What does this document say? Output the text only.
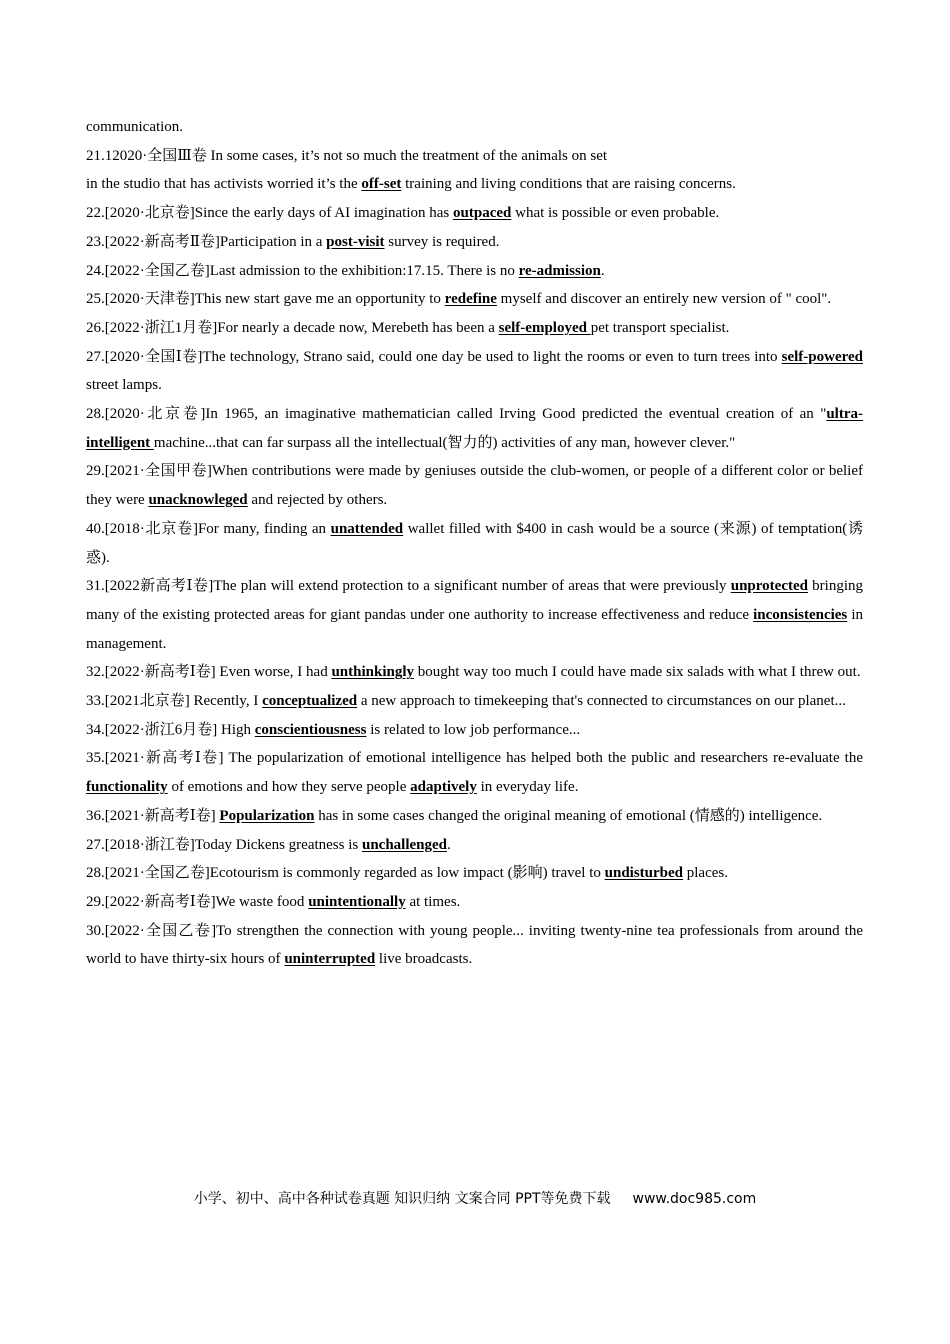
communication.
21.12020·全国Ⅲ卷 In some cases, it’s not so much the treatment of the animals on set
in the studio that has activists worried it’s the off-set training and living conditions that are raising concerns.
22.[2020·北京卷]Since the early days of AI imagination has outpaced what is possible or even probable.
23.[2022·新高考Ⅱ卷]Participation in a post-visit survey is required.
24.[2022·全国乙卷]Last admission to the exhibition:17.15. There is no re-admission.
25.[2020·天津卷]This new start gave me an opportunity to redefine myself and discover an entirely new version of " cool".
26.[2022·浙江1月卷]For nearly a decade now, Merebeth has been a self-employed pet transport specialist.
27.[2020·全国Ⅰ卷]The technology, Strano said, could one day be used to light the rooms or even to turn trees into self-powered street lamps.
28.[2020·北京卷]In 1965, an imaginative mathematician called Irving Good predicted the eventual creation of an "ultra-intelligent machine...that can far surpass all the intellectual(智力的) activities of any man, however clever."
29.[2021·全国甲卷]When contributions were made by geniuses outside the club-women, or people of a different color or belief they were unacknowleged and rejected by others.
40.[2018·北京卷]For many, finding an unattended wallet filled with $400 in cash would be a source (来源) of temptation(诱惑).
31.[2022新高考Ⅰ卷]The plan will extend protection to a significant number of areas that were previously unprotected bringing many of the existing protected areas for giant pandas under one authority to increase effectiveness and reduce inconsistencies in management.
32.[2022·新高考Ⅰ卷] Even worse, I had unthinkingly bought way too much I could have made six salads with what I threw out.
33.[2021北京卷] Recently, I conceptualized a new approach to timekeeping that's connected to circumstances on our planet...
34.[2022·浙江6月卷] High conscientiousness is related to low job performance...
35.[2021·新高考Ⅰ卷] The popularization of emotional intelligence has helped both the public and researchers re-evaluate the functionality of emotions and how they serve people adaptively in everyday life.
36.[2021·新高考Ⅰ卷] Popularization has in some cases changed the original meaning of emotional (情感的) intelligence.
27.[2018·浙江卷]Today Dickens greatness is unchallenged.
28.[2021·全国乙卷]Ecotourism is commonly regarded as low impact (影响) travel to undisturbed places.
29.[2022·新高考Ⅰ卷]We waste food unintentionally at times.
30.[2022·全国乙卷]To strengthen the connection with young people... inviting twenty-nine tea professionals from around the world to have thirty-six hours of uninterrupted live broadcasts.
小学、初中、高中各种试卷真题 知识归纳 文案合同 PPT等免费下载 www.doc985.com
